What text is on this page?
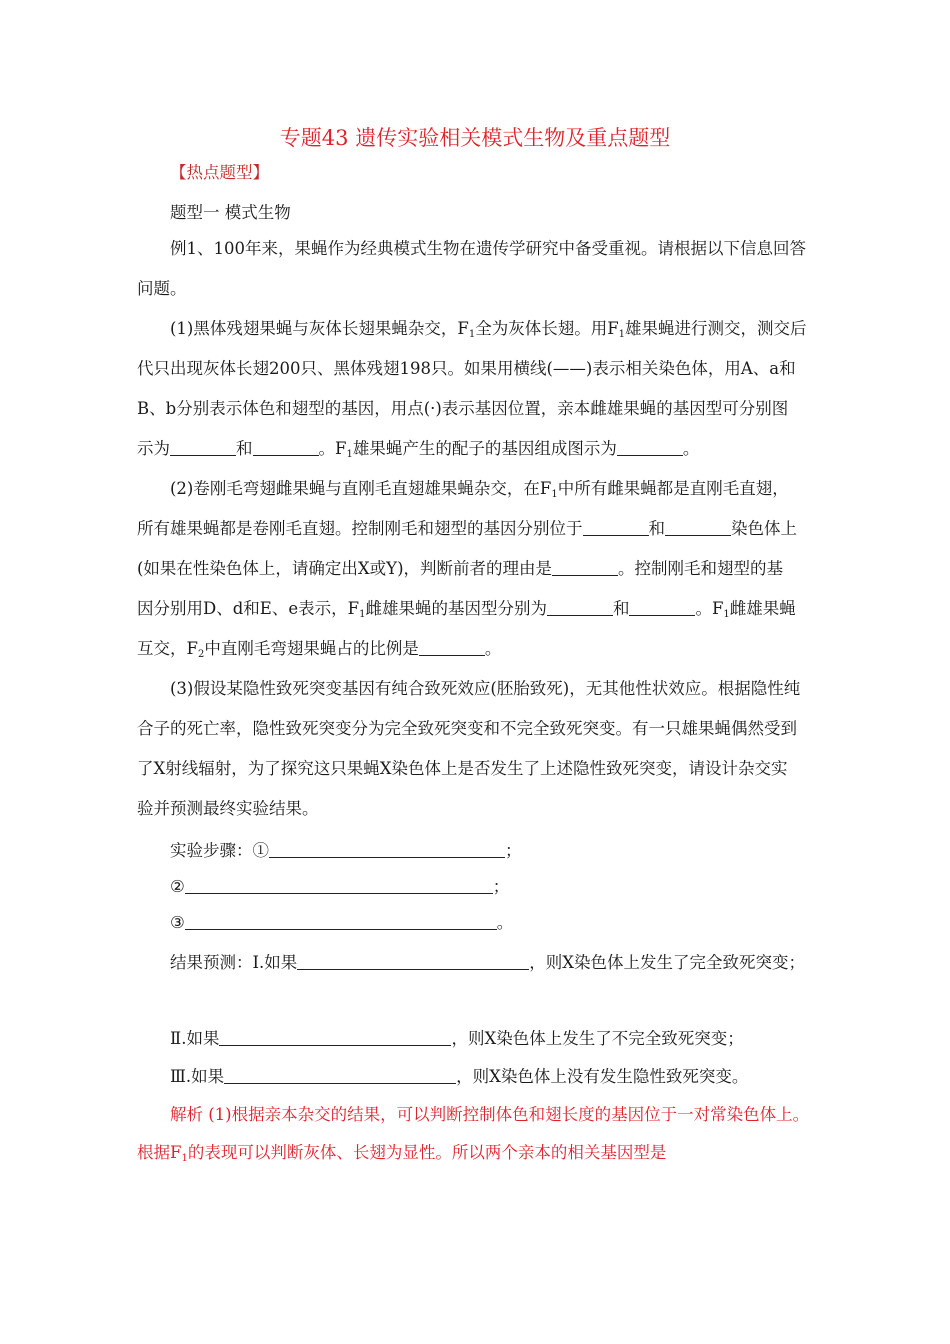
专题43 遗传实验相关模式生物及重点题型
【热点题型】
题型一 模式生物
例1、100年来，果蝇作为经典模式生物在遗传学研究中备受重视。请根据以下信息回答
问题。
(1)黑体残翅果蝇与灰体长翅果蝇杂交，$F_1$全为灰体长翅。用$F_1$雄果蝇进行测交，测交后
代只出现灰体长翅200只、黑体残翅198只。如果用横线(——)表示相关染色体，用A、a和
B、b分别表示体色和翅型的基因，用点(·)表示基因位置，亲本雌雄果蝇的基因型可分别图
示为	和	。$F_1$雄果蝇产生的配子的基因组成图示为	。
(2)卷刚毛弯翅雌果蝇与直刚毛直翅雄果蝇杂交，在$F_1$中所有雌果蝇都是直刚毛直翅，
所有雄果蝇都是卷刚毛直翅。控制刚毛和翅型的基因分别位于	和	染色体上
(如果在性染色体上，请确定出X或Y)，判断前者的理由是	。控制刚毛和翅型的基
因分别用D、d和E、e表示，$F_1$雌雄果蝇的基因型分别为	和	。$F_1$雌雄果蝇
互交，$F_2$中直刚毛弯翅果蝇占的比例是	。
(3)假设某隐性致死突变基因有纯合致死效应(胚胎致死)，无其他性状效应。根据隐性纯
合子的死亡率，隐性致死突变分为完全致死突变和不完全致死突变。有一只雄果蝇偶然受到
了X射线辐射，为了探究这只果蝇X染色体上是否发生了上述隐性致死突变，请设计杂交实
验并预测最终实验结果。
实验步骤：①	；
②	；
③	。
结果预测：Ⅰ.如果	，则X染色体上发生了完全致死突变；
Ⅱ.如果	，则X染色体上发生了不完全致死突变；
Ⅲ.如果	，则X染色体上没有发生隐性致死突变。
解析 (1)根据亲本杂交的结果，可以判断控制体色和翅长度的基因位于一对常染色体上。
根据$F_1$的表现可以判断灰体、长翅为显性。所以两个亲本的相关基因型是
